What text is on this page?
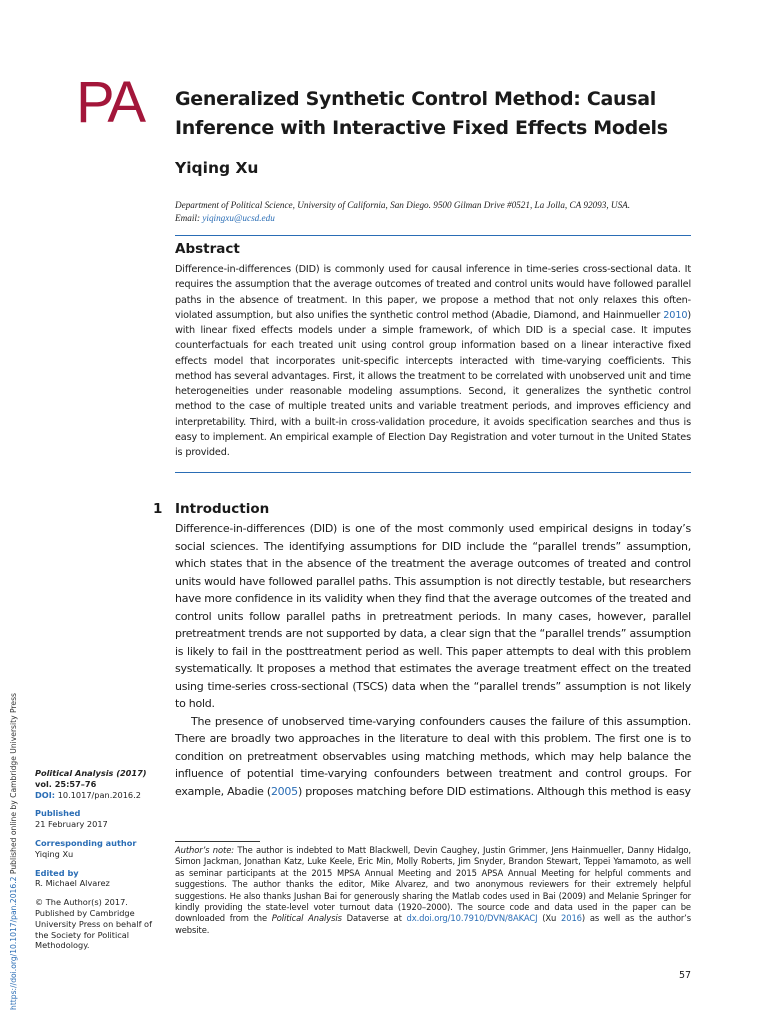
PA Generalized Synthetic Control Method: Causal Inference with Interactive Fixed Effects Models
Yiqing Xu
Department of Political Science, University of California, San Diego. 9500 Gilman Drive #0521, La Jolla, CA 92093, USA.
Email: yiqingxu@ucsd.edu
Abstract

Difference-in-differences (DID) is commonly used for causal inference in time-series cross-sectional data. It requires the assumption that the average outcomes of treated and control units would have followed parallel paths in the absence of treatment. In this paper, we propose a method that not only relaxes this often-violated assumption, but also unifies the synthetic control method (Abadie, Diamond, and Hainmueller 2010) with linear fixed effects models under a simple framework, of which DID is a special case. It imputes counterfactuals for each treated unit using control group information based on a linear interactive fixed effects model that incorporates unit-specific intercepts interacted with time-varying coefficients. This method has several advantages. First, it allows the treatment to be correlated with unobserved unit and time heterogeneities under reasonable modeling assumptions. Second, it generalizes the synthetic control method to the case of multiple treated units and variable treatment periods, and improves efficiency and interpretability. Third, with a built-in cross-validation procedure, it avoids specification searches and thus is easy to implement. An empirical example of Election Day Registration and voter turnout in the United States is provided.

1 Introduction

Difference-in-differences (DID) is one of the most commonly used empirical designs in today’s social sciences. The identifying assumptions for DID include the “parallel trends” assumption, which states that in the absence of the treatment the average outcomes of treated and control units would have followed parallel paths. This assumption is not directly testable, but researchers have more confidence in its validity when they find that the average outcomes of the treated and control units follow parallel paths in pretreatment periods. In many cases, however, parallel pretreatment trends are not supported by data, a clear sign that the “parallel trends” assumption is likely to fail in the posttreatment period as well. This paper attempts to deal with this problem systematically. It proposes a method that estimates the average treatment effect on the treated using time-series cross-sectional (TSCS) data when the “parallel trends” assumption is not likely to hold.

The presence of unobserved time-varying confounders causes the failure of this assumption. There are broadly two approaches in the literature to deal with this problem. The first one is to condition on pretreatment observables using matching methods, which may help balance the influence of potential time-varying confounders between treatment and control groups. For example, Abadie (2005) proposes matching before DID estimations. Although this method is easy

Political Analysis (2017)
vol. 25:57–76
DOI: 10.1017/pan.2016.2
Published
21 February 2017
Corresponding author
Yiqing Xu
Edited by
R. Michael Alvarez
© The Author(s) 2017. Published by Cambridge University Press on behalf of the Society for Political Methodology.
https://doi.org/10.1017/pan.2016.2 Published online by Cambridge University Press	Author’s note: The author is indebted to Matt Blackwell, Devin Caughey, Justin Grimmer, Jens Hainmueller, Danny Hidalgo, Simon Jackman, Jonathan Katz, Luke Keele, Eric Min, Molly Roberts, Jim Snyder, Brandon Stewart, Teppei Yamamoto, as well as seminar participants at the 2015 MPSA Annual Meeting and 2015 APSA Annual Meeting for helpful comments and suggestions. The author thanks the editor, Mike Alvarez, and two anonymous reviewers for their extremely helpful suggestions. He also thanks Jushan Bai for generously sharing the Matlab codes used in Bai (2009) and Melanie Springer for kindly providing the state-level voter turnout data (1920–2000). The source code and data used in the paper can be downloaded from the Political Analysis Dataverse at dx.doi.org/10.7910/DVN/8AKACJ (Xu 2016) as well as the author’s website.

57
